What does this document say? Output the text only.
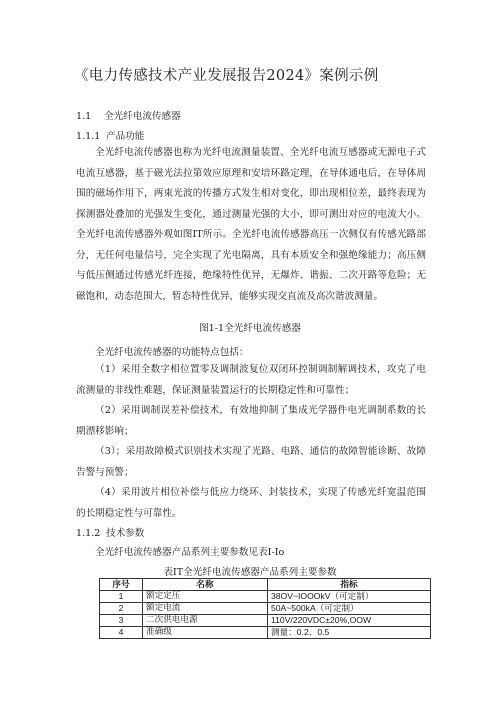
《电力传感技术产业发展报告2024》案例示例
1.1 全光纤电流传感器
1.1.1 产品功能

全光纤电流传感器也称为光纤电流测量装置、全光纤电流互感器或无源电子式电流互感器，基于磁光法拉第效应原理和安培环路定理，在导体通电后，在导体周围的磁场作用下，两束光波的传播方式发生相对变化，即出现相位差，最终表现为探测器处叠加的光强发生变化，通过测量光强的大小，即可测出对应的电流大小。全光纤电流传感器外观如图IT所示。全光纤电流传感器高压一次侧仅有传感光路部分，无任何电量信号，完全实现了光电隔离，具有本质安全和强绝缘能力；高压侧与低压侧通过传感光纤连接，绝缘特性优异，无爆炸、谐振、二次开路等危险；无磁饱和，动态范围大，暂态特性优异，能够实现交直流及高次谐波测量。

图1-1全光纤电流传感器
全光纤电流传感器的功能特点包括：

（1）采用全数字相位置零及调制波复位双闭环控制调制解调技术，攻克了电流测量的非线性难题，保证测量装置运行的长期稳定性和可靠性；

（2）采用调制误差补偿技术，有效地抑制了集成光学器件电光调制系数的长期漂移影响；

（3）；采用故障模式识别技术实现了光路、电路、通信的故障智能诊断、故障告警与预警；

（4）采用波片相位补偿与低应力绕环、封装技术，实现了传感光纤宽温范围的长期稳定性与可靠性。

1.1.2 技术参数
全光纤电流传感器产品系列主要参数见表I-Io
表IT全光纤电流传感器产品系列主要参数
序号	名称	指标
1	额定定压	38OV~IOOOkV（可定制）
2	额定电流	50A~500kA（可定制）
3	二次供电电源	110V/220VDC±20%,OOW
4	准确级	测量：0.2、0.5
